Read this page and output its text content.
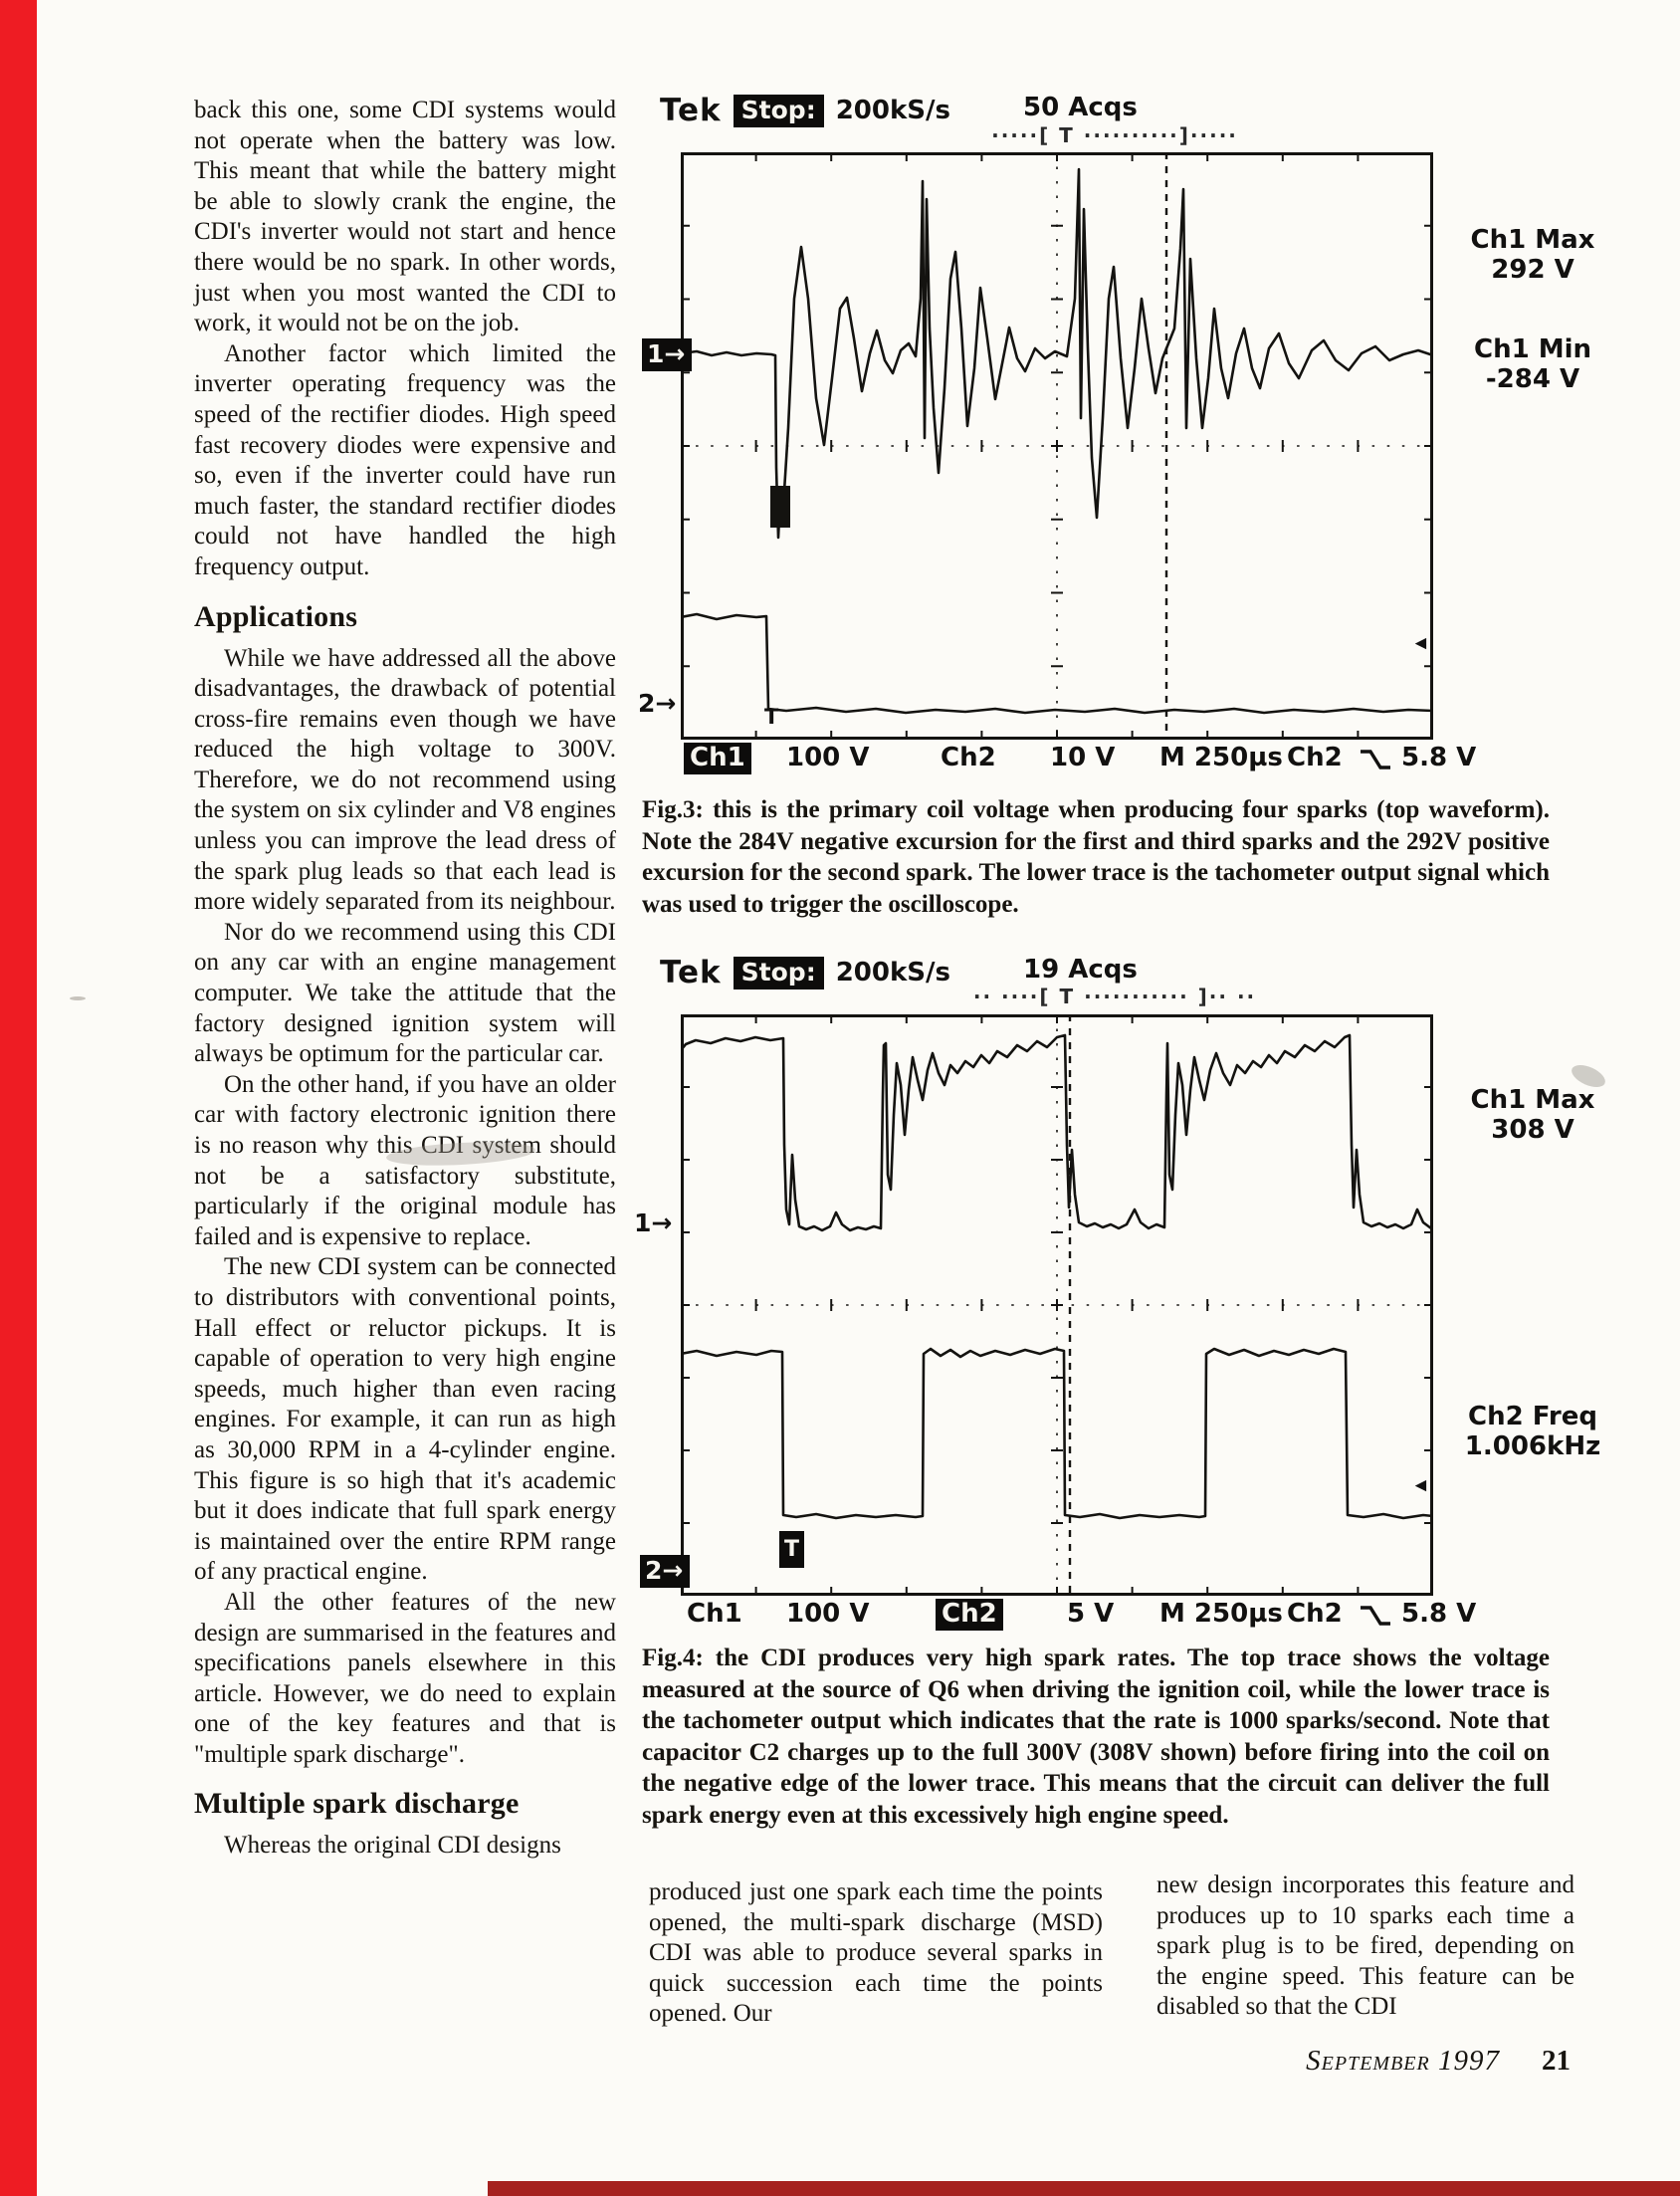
back this one, some CDI systems would not operate when the battery was low. This meant that while the battery might be able to slowly crank the engine, the CDI's inverter would not start and hence there would be no spark. In other words, just when you most wanted the CDI to work, it would not be on the job.

Another factor which limited the inverter operating frequency was the speed of the rectifier diodes. High speed fast recovery diodes were expensive and so, even if the inverter could have run much faster, the standard rectifier diodes could not have handled the high frequency output.

Applications

While we have addressed all the above disadvantages, the drawback of potential cross-fire remains even though we have reduced the high voltage to 300V. Therefore, we do not recommend using the system on six cylinder and V8 engines unless you can improve the lead dress of the spark plug leads so that each lead is more widely separated from its neighbour.

Nor do we recommend using this CDI on any car with an engine management computer. We take the attitude that the factory designed ignition system will always be optimum for the particular car.

On the other hand, if you have an older car with factory electronic ignition there is no reason why this CDI system should not be a satisfactory substitute, particularly if the original module has failed and is expensive to replace.

The new CDI system can be connected to distributors with conventional points, Hall effect or reluctor pickups. It is capable of operation to very high engine speeds, much higher than even racing engines. For example, it can run as high as 30,000 RPM in a 4-cylinder engine. This figure is so high that it's academic but it does indicate that full spark energy is maintained over the entire RPM range of any practical engine.

All the other features of the new design are summarised in the features and specifications panels elsewhere in this article. However, we do need to explain one of the key features and that is "multiple spark discharge".

Multiple spark discharge

Whereas the original CDI designs

Tek Stop: 200kS/s	50 Acqs
·····[ T ··········]·····
1→
2→	T
◄
Ch1 Max
292 V
Ch1 Min
-284 V
Ch1 100 V	Ch2 10 V M 250µs Ch2 5.8 V

Fig.3: this is the primary coil voltage when producing four sparks (top waveform). Note the 284V negative excursion for the first and third sparks and the 292V positive excursion for the second spark. The lower trace is the tachometer output signal which was used to trigger the oscilloscope.

Tek Stop: 200kS/s	19 Acqs
·· ····[ T ··········· ]·· ··
1→
2→
T
◄
Ch1 Max
308 V
Ch2 Freq
1.006kHz
Ch1 100 V	Ch2	5 V M 250µs Ch2 5.8 V

Fig.4: the CDI produces very high spark rates. The top trace shows the voltage measured at the source of Q6 when driving the ignition coil, while the lower trace is the tachometer output which indicates that the rate is 1000 sparks/second. Note that capacitor C2 charges up to the full 300V (308V shown) before firing into the coil on the negative edge of the lower trace. This means that the circuit can deliver the full spark energy even at this excessively high engine speed.

produced just one spark each time the points opened, the multi-spark discharge (MSD) CDI was able to produce several sparks in quick succession each time the points opened. Our

new design incorporates this feature and produces up to 10 sparks each time a spark plug is to be fired, depending on the engine speed. This feature can be disabled so that the CDI

September 1997 21
